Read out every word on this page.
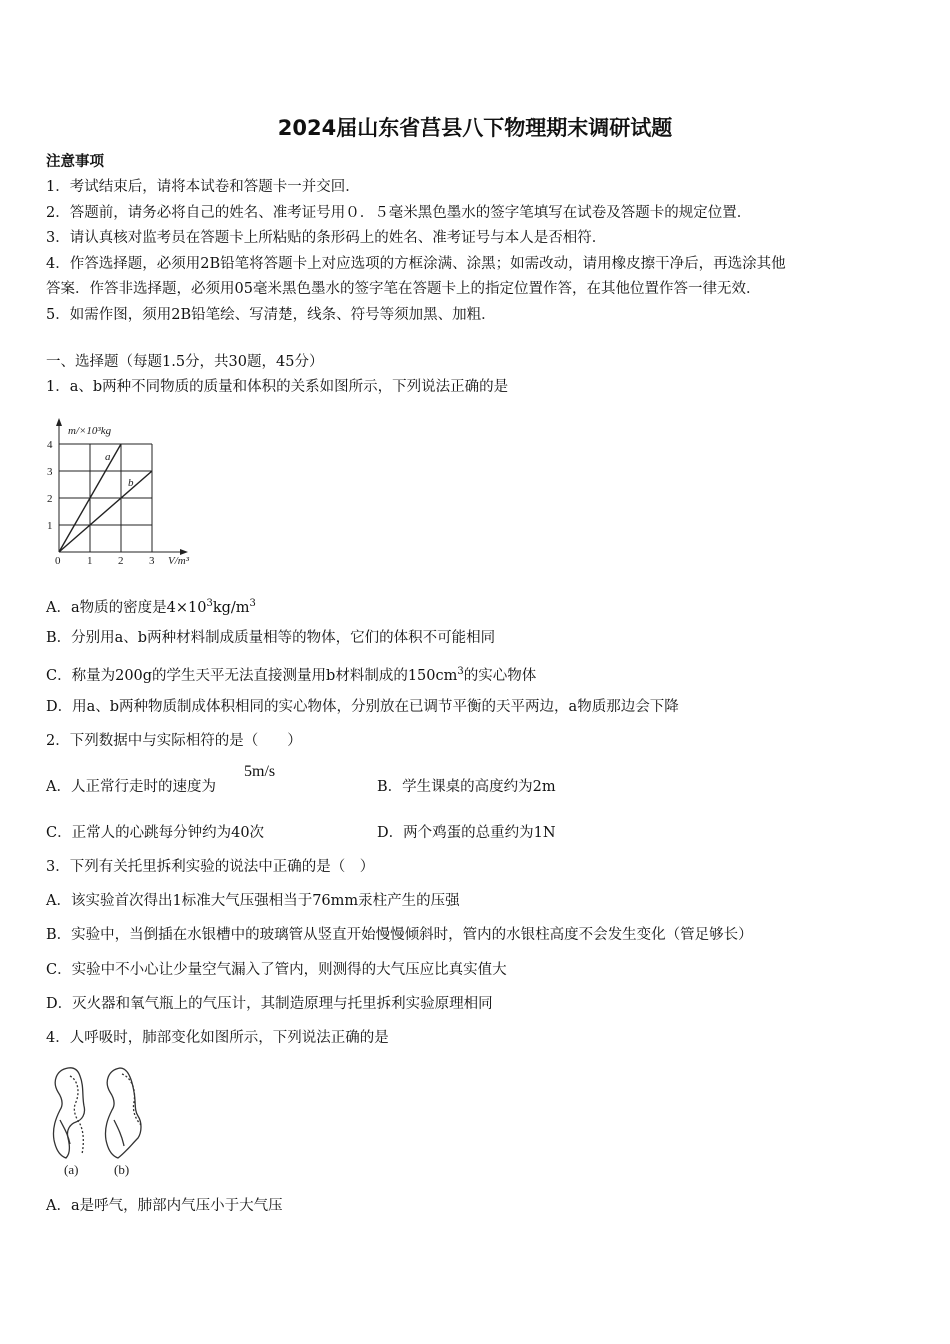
2024届山东省莒县八下物理期末调研试题
注意事项
1．考试结束后，请将本试卷和答题卡一并交回．
2．答题前，请务必将自己的姓名、准考证号用０．５毫米黑色墨水的签字笔填写在试卷及答题卡的规定位置．
3．请认真核对监考员在答题卡上所粘贴的条形码上的姓名、准考证号与本人是否相符．
4．作答选择题，必须用2B铅笔将答题卡上对应选项的方框涂满、涂黑；如需改动，请用橡皮擦干净后，再选涂其他
答案．作答非选择题，必须用05毫米黑色墨水的签字笔在答题卡上的指定位置作答，在其他位置作答一律无效．
5．如需作图，须用2B铅笔绘、写清楚，线条、符号等须加黑、加粗．
一、选择题（每题1.5分，共30题，45分）
1．a、b两种不同物质的质量和体积的关系如图所示，下列说法正确的是
m/×10³kg
V/m³
1
2
3
4
0 1 2 3
a
b
A．a物质的密度是$4\times 10^3kg/m^3$
B．分别用a、b两种材料制成质量相等的物体，它们的体积不可能相同
C．称量为200g的学生天平无法直接测量用b材料制成的$150cm^3$的实心物体
D．用a、b两种物质制成体积相同的实心物体，分别放在已调节平衡的天平两边，a物质那边会下降
2．下列数据中与实际相符的是（　　）
5m/s
A．人正常行走时的速度为	B．学生课桌的高度约为2m
C．正常人的心跳每分钟约为40次	D．两个鸡蛋的总重约为1N
3．下列有关托里拆利实验的说法中正确的是（　）
A．该实验首次得出1标准大气压强相当于76mm汞柱产生的压强
B．实验中，当倒插在水银槽中的玻璃管从竖直开始慢慢倾斜时，管内的水银柱高度不会发生变化（管足够长）
C．实验中不小心让少量空气漏入了管内，则测得的大气压应比真实值大
D．灭火器和氧气瓶上的气压计，其制造原理与托里拆利实验原理相同
4．人呼吸时，肺部变化如图所示，下列说法正确的是
(a)	(b)
A．a是呼气，肺部内气压小于大气压
